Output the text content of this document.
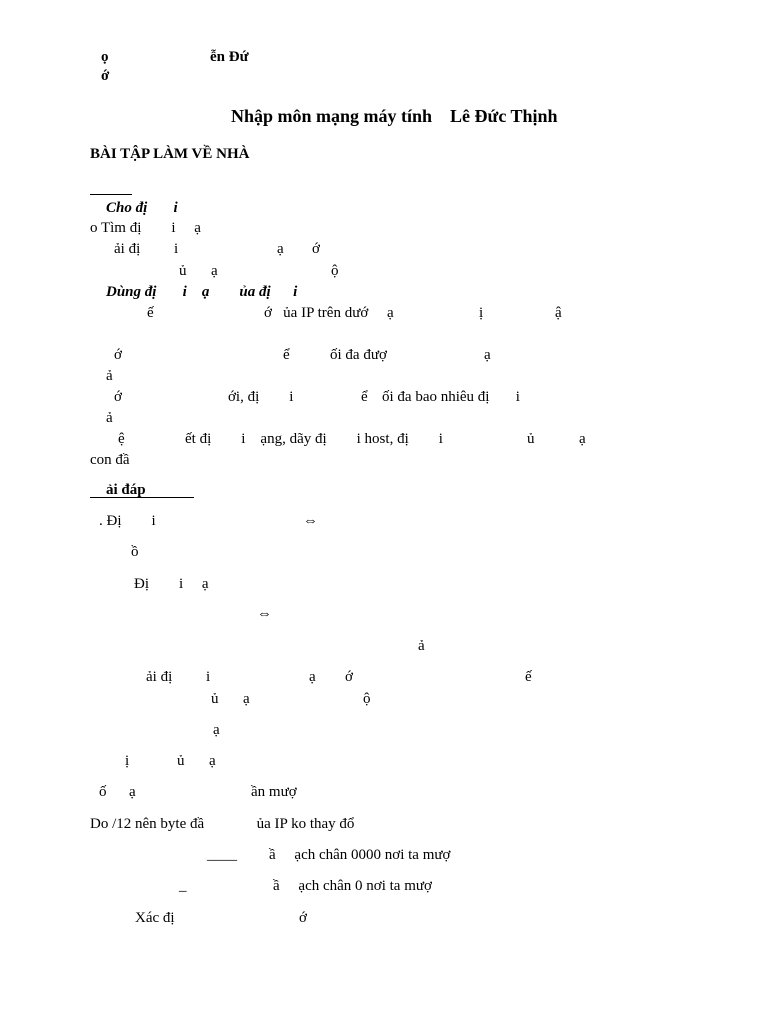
ọ
ớ
ễn Đứ
Nhập môn mạng máy tính    Lê Đức Thịnh
BÀI TẬP LÀM VỀ NHÀ
Cho đị       i
o Tìm đị        i     ạ
ải đị         i	ạ ớ
ủ ạ	ộ
Dùng đị       i    ạ        ủa đị      i
ế	ớ   ủa IP trên dướ     ạ	ị	ậ
ớ	ể	ối đa đượ	ạ
ả
ớ	ới, đị        i	ể ối đa bao nhiêu đị       i
ả
ệ	ết đị        i    ạng, dãy đị        i host, đị        i	ủ	ạ
con đầ
ải đáp
. Đị        i	⇔
ồ
Đị        i     ạ
⇔
ả
ải đị         i	ạ ớ	ế
ủ ạ	ộ
ạ
ị	ủ ạ
ố      ạ	ần mượ
Do /12 nên byte đầ              ủa IP ko thay đổ
____ ầ     ạch chân 0000 nơi ta mượ
_	ầ     ạch chân 0 nơi ta mượ
Xác đị	ớ
